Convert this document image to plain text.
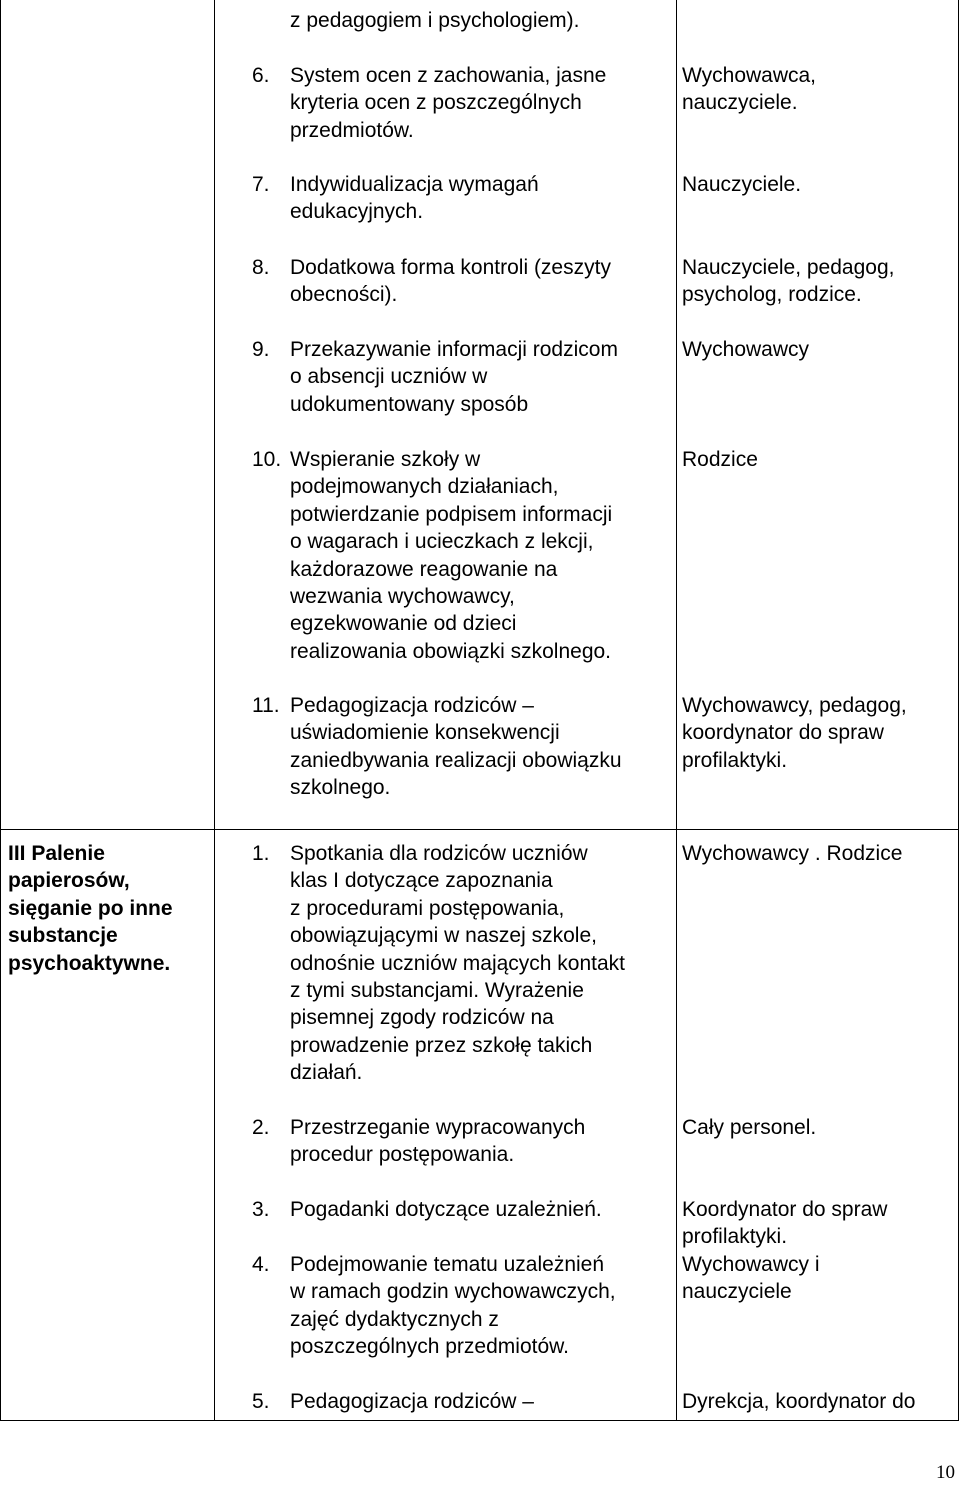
z pedagogiem i psychologiem).
6. System ocen z zachowania, jasne
kryteria ocen z poszczególnych
przedmiotów.
Wychowawca,
nauczyciele.
7. Indywidualizacja wymagań
edukacyjnych.
Nauczyciele.
8. Dodatkowa forma kontroli (zeszyty
obecności).
Nauczyciele, pedagog,
psycholog, rodzice.
9. Przekazywanie informacji rodzicom
o absencji uczniów w
udokumentowany sposób
Wychowawcy
10. Wspieranie szkoły w
podejmowanych działaniach,
potwierdzanie podpisem informacji
o wagarach i ucieczkach z lekcji,
każdorazowe reagowanie na
wezwania wychowawcy,
egzekwowanie od dzieci
realizowania obowiązki szkolnego.
Rodzice
11. Pedagogizacja rodziców –
uświadomienie konsekwencji
zaniedbywania realizacji obowiązku
szkolnego.
Wychowawcy, pedagog,
koordynator do spraw
profilaktyki.
III Palenie
papierosów,
sięganie po inne
substancje
psychoaktywne.
1. Spotkania dla rodziców uczniów
klas I dotyczące zapoznania
z procedurami postępowania,
obowiązującymi w naszej szkole,
odnośnie uczniów mających kontakt
z tymi substancjami. Wyrażenie
pisemnej zgody rodziców na
prowadzenie przez szkołę takich
działań.
Wychowawcy . Rodzice
2. Przestrzeganie wypracowanych
procedur postępowania.
Cały personel.
3. Pogadanki dotyczące uzależnień.	Koordynator do spraw
profilaktyki.
Wychowawcy i
nauczyciele
4. Podejmowanie tematu uzależnień
w ramach godzin wychowawczych,
zajęć dydaktycznych z
poszczególnych przedmiotów.
5. Pedagogizacja rodziców –	Dyrekcja, koordynator do
10
